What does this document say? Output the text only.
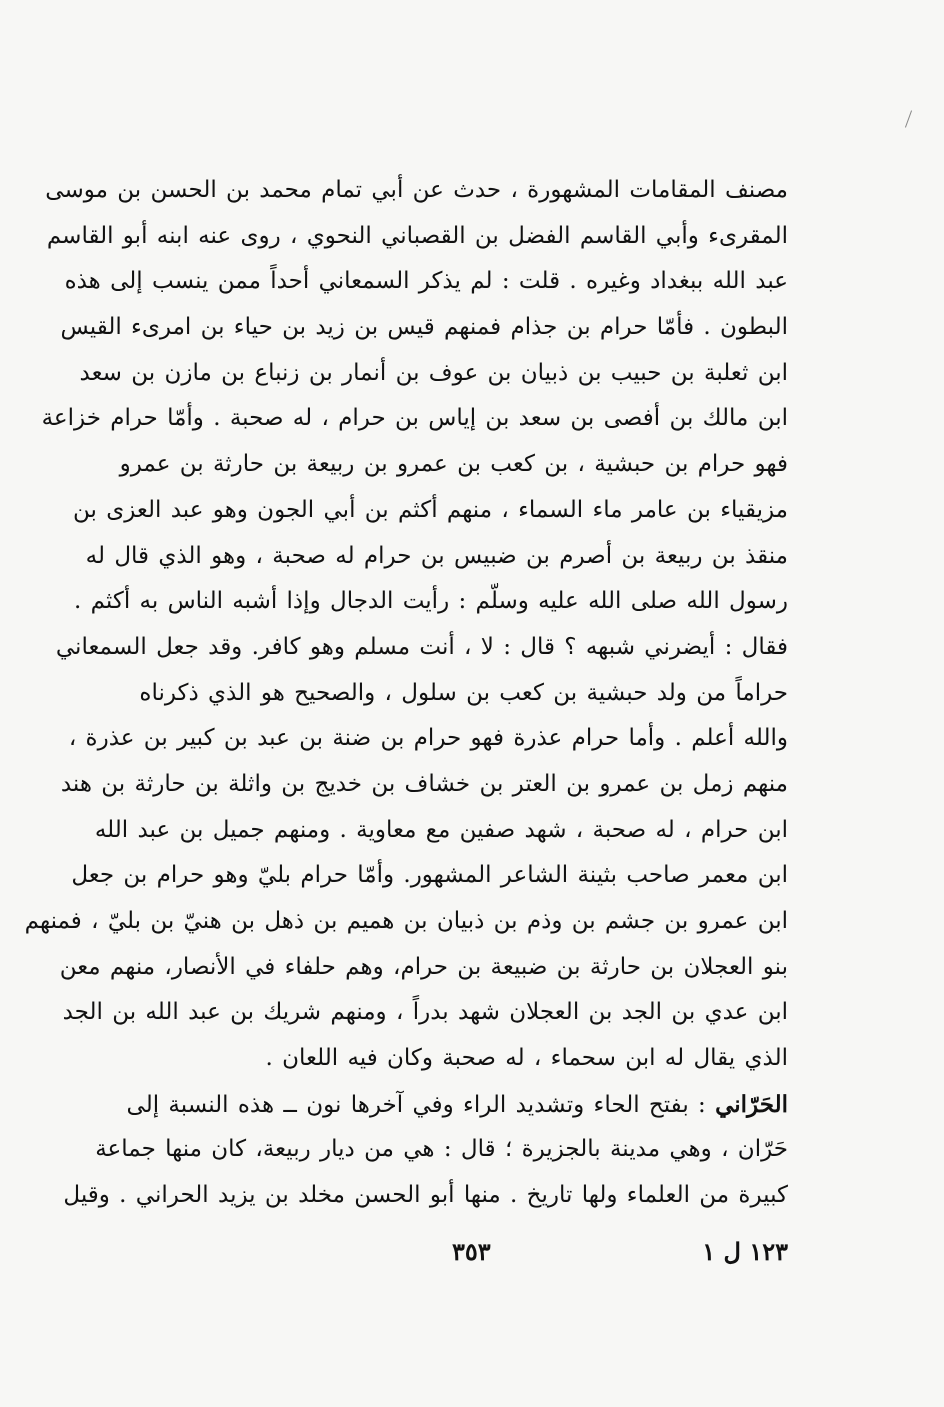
مصنف المقامات المشهورة ، حدث عن أبي تمام محمد بن الحسن بن موسى
المقرىء وأبي القاسم الفضل بن القصباني النحوي ، روى عنه ابنه أبو القاسم
عبد الله ببغداد وغيره . قلت : لم يذكر السمعاني أحداً ممن ينسب إلى هذه
البطون . فأمّا حرام بن جذام فمنهم قيس بن زيد بن حياء بن امرىء القيس
ابن ثعلبة بن حبيب بن ذبيان بن عوف بن أنمار بن زنباع بن مازن بن سعد
ابن مالك بن أفصى بن سعد بن إياس بن حرام ، له صحبة . وأمّا حرام خزاعة
فهو حرام بن حبشية ، بن كعب بن عمرو بن ربيعة بن حارثة بن عمرو
مزيقياء بن عامر ماء السماء ، منهم أكثم بن أبي الجون وهو عبد العزى بن
منقذ بن ربيعة بن أصرم بن ضبيس بن حرام له صحبة ، وهو الذي قال له
رسول الله صلى الله عليه وسلّم : رأيت الدجال وإذا أشبه الناس به أكثم .
فقال : أيضرني شبهه ؟ قال : لا ، أنت مسلم وهو كافر. وقد جعل السمعاني
حراماً من ولد حبشية بن كعب بن سلول ، والصحيح هو الذي ذكرناه
والله أعلم . وأما حرام عذرة فهو حرام بن ضنة بن عبد بن كبير بن عذرة ،
منهم زمل بن عمرو بن العتر بن خشاف بن خديج بن واثلة بن حارثة بن هند
ابن حرام ، له صحبة ، شهد صفين مع معاوية . ومنهم جميل بن عبد الله
ابن معمر صاحب بثينة الشاعر المشهور. وأمّا حرام بليّ وهو حرام بن جعل
ابن عمرو بن جشم بن وذم بن ذبيان بن هميم بن ذهل بن هنيّ بن بليّ ، فمنهم
بنو العجلان بن حارثة بن ضبيعة بن حرام، وهم حلفاء في الأنصار، منهم معن
ابن عدي بن الجد بن العجلان شهد بدراً ، ومنهم شريك بن عبد الله بن الجد
الذي يقال له ابن سحماء ، له صحبة وكان فيه اللعان .
الحَرّاني : بفتح الحاء وتشديد الراء وفي آخرها نون ــ هذه النسبة إلى
حَرّان ، وهي مدينة بالجزيرة ؛ قال : هي من ديار ربيعة، كان منها جماعة
كبيرة من العلماء ولها تاريخ . منها أبو الحسن مخلد بن يزيد الحراني . وقيل
١٢٣ ل ١
٣٥٣
